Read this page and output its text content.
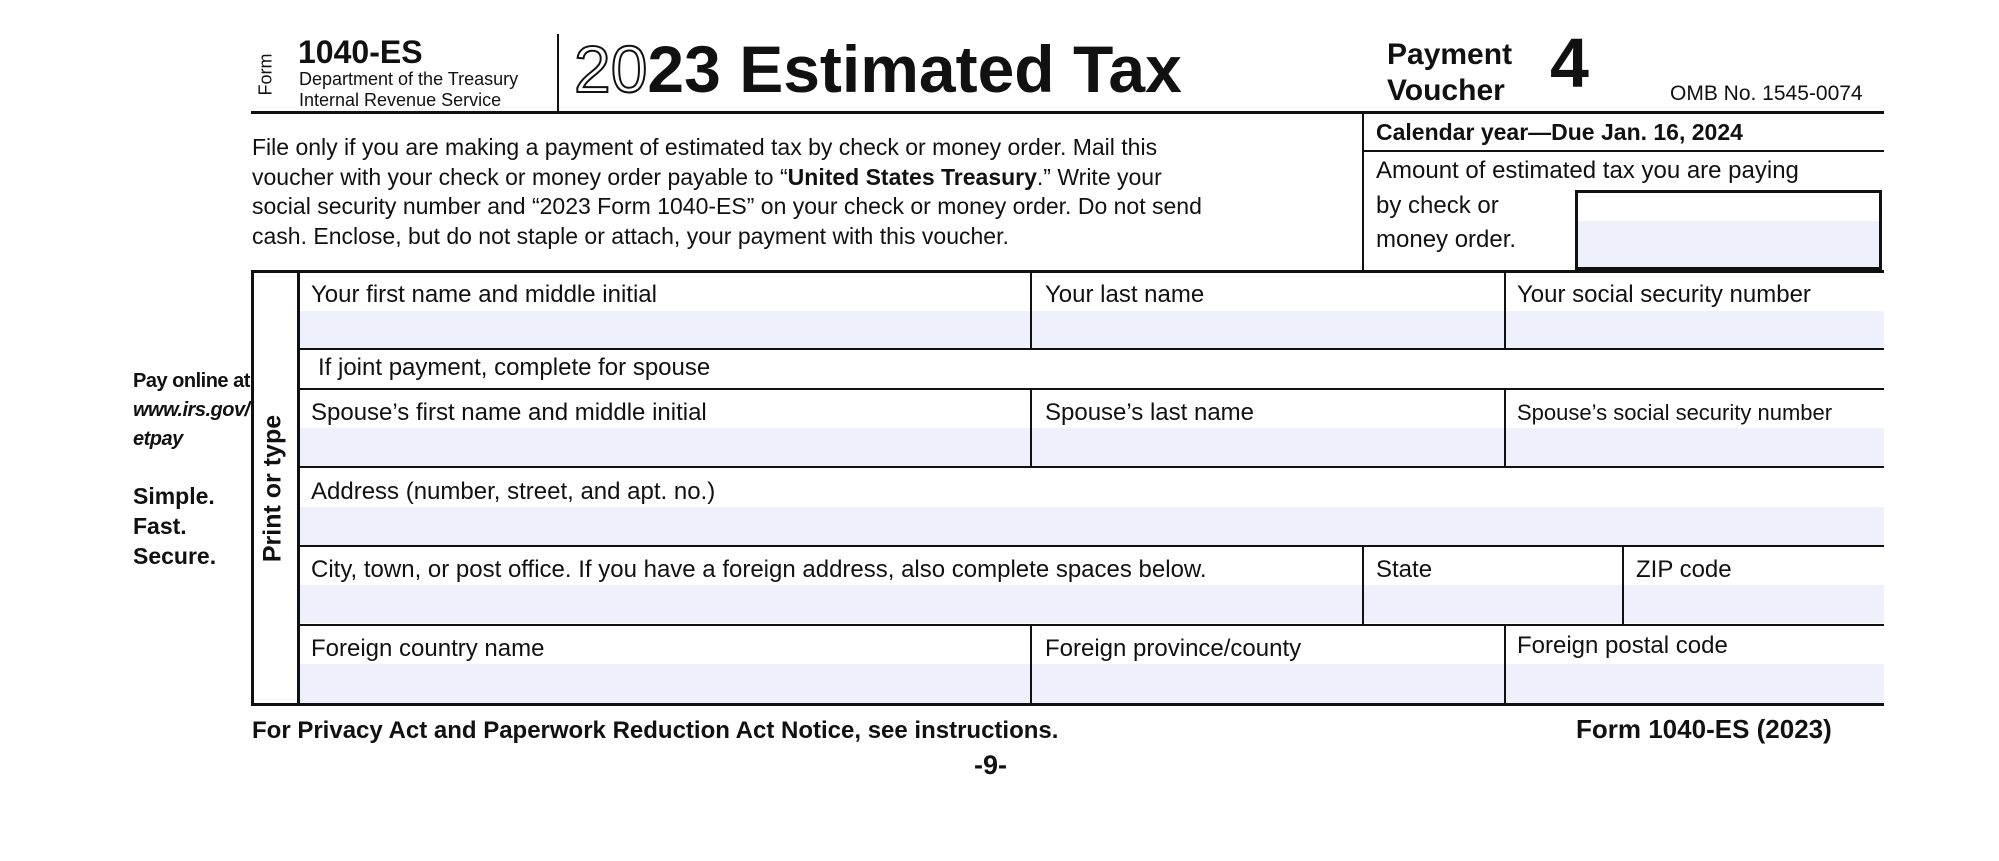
Form
1040-ES
Department of the Treasury
Internal Revenue Service 2023 Estimated Tax	Payment
Voucher 4	OMB No. 1545-0074
File only if you are making a payment of estimated tax by check or money order. Mail this
voucher with your check or money order payable to “United States Treasury.” Write your
social security number and “2023 Form 1040-ES” on your check or money order. Do not send
cash. Enclose, but do not staple or attach, your payment with this voucher.
Calendar year—Due Jan. 16, 2024
Amount of estimated tax you are paying
by check or
money order.
Pay online at
www.irs.gov/
etpay
Simple.
Fast.
Secure. Print or type
Your first name and middle initial	Your last name	Your social security number
If joint payment, complete for spouse
Spouse’s first name and middle initial	Spouse’s last name	Spouse’s social security number
Address (number, street, and apt. no.)
City, town, or post office. If you have a foreign address, also complete spaces below.	State	ZIP code
Foreign country name	Foreign province/county	Foreign postal code
For Privacy Act and Paperwork Reduction Act Notice, see instructions.	Form 1040-ES (2023)
-9-
